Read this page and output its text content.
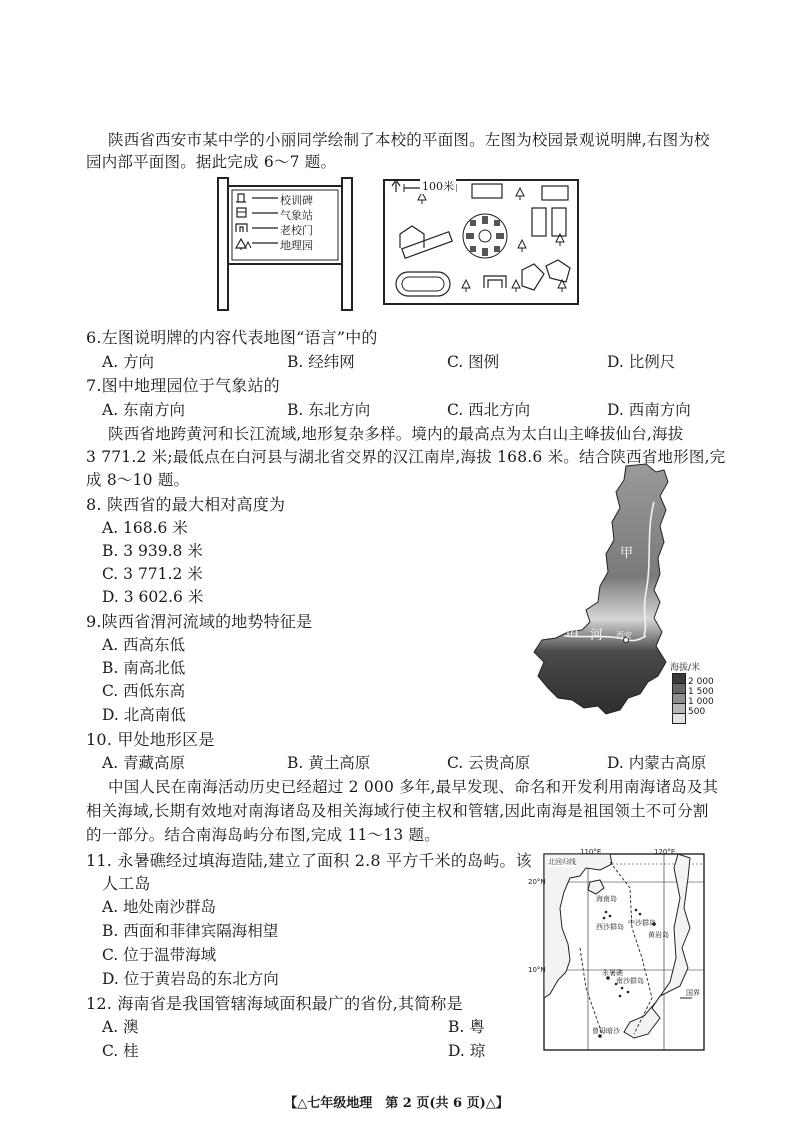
陕西省西安市某中学的小丽同学绘制了本校的平面图。左图为校园景观说明牌,右图为校
园内部平面图。据此完成 6～7 题。
校训碑
气象站
老校门
地理园
100米
6.左图说明牌的内容代表地图“语言”中的
A. 方向	B. 经纬网	C. 图例	D. 比例尺
7.图中地理园位于气象站的
A. 东南方向	B. 东北方向	C. 西北方向	D. 西南方向
陕西省地跨黄河和长江流域,地形复杂多样。境内的最高点为太白山主峰拔仙台,海拔
3 771.2 米;最低点在白河县与湖北省交界的汉江南岸,海拔 168.6 米。结合陕西省地形图,完
成 8～10 题。
8. 陕西省的最大相对高度为
A. 168.6 米
B. 3 939.8 米
C. 3 771.2 米
D. 3 602.6 米
9.陕西省渭河流域的地势特征是
A. 西高东低
B. 南高北低
C. 西低东高
D. 北高南低
甲 黄
河
渭 河 西安
海拔/米
2 000
1 500
1 000
500
10. 甲处地形区是
A. 青藏高原	B. 黄土高原	C. 云贵高原	D. 内蒙古高原
中国人民在南海活动历史已经超过 2 000 多年,最早发现、命名和开发利用南海诸岛及其
相关海域,长期有效地对南海诸岛及相关海域行使主权和管辖,因此南海是祖国领土不可分割
的一部分。结合南海岛屿分布图,完成 11～13 题。
11. 永暑礁经过填海造陆,建立了面积 2.8 平方千米的岛屿。该
人工岛
A. 地处南沙群岛
B. 西面和菲律宾隔海相望
C. 位于温带海域
D. 位于黄岩岛的东北方向
110°E	120°E
20°N
10°N
北回归线
海南岛
西沙群岛 中沙群岛
黄岩岛
永暑礁
南沙群岛
曾母暗沙
国界
12. 海南省是我国管辖海域面积最广的省份,其简称是
A. 澳	B. 粤
C. 桂	D. 琼
【△七年级地理　第 2 页(共 6 页)△】
